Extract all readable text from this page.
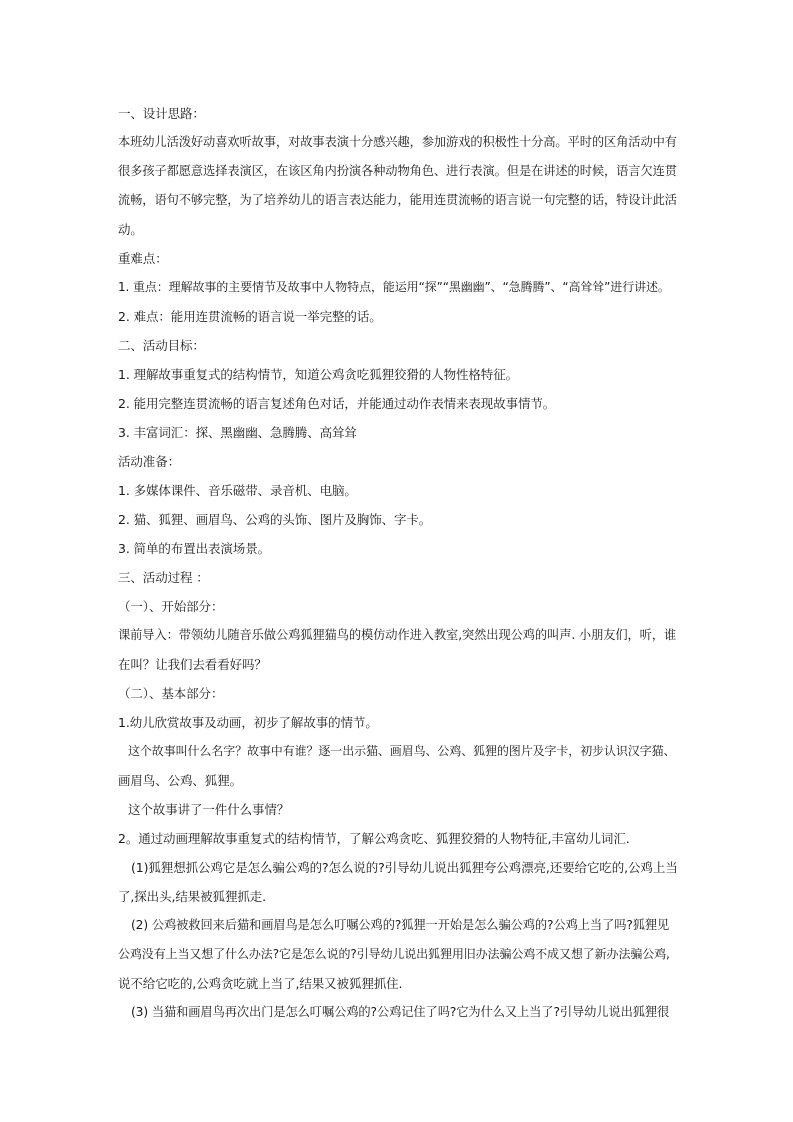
一、设计思路：
本班幼儿活泼好动喜欢听故事，对故事表演十分感兴趣，参加游戏的积极性十分高。平时的区角活动中有
很多孩子都愿意选择表演区，在该区角内扮演各种动物角色、进行表演。但是在讲述的时候，语言欠连贯
流畅，语句不够完整，为了培养幼儿的语言表达能力，能用连贯流畅的语言说一句完整的话，特设计此活
动。
重难点：
1. 重点：理解故事的主要情节及故事中人物特点，能运用“探”“黑幽幽”、“急腾腾”、“高耸耸”进行讲述。
2. 难点：能用连贯流畅的语言说一举完整的话。
二、活动目标：
1. 理解故事重复式的结构情节，知道公鸡贪吃狐狸狡猾的人物性格特征。
2. 能用完整连贯流畅的语言复述角色对话，并能通过动作表情来表现故事情节。
3. 丰富词汇：探、黑幽幽、急腾腾、高耸耸
活动准备：
1. 多媒体课件、音乐磁带、录音机、电脑。
2. 猫、狐狸、画眉鸟、公鸡的头饰、图片及胸饰、字卡。
3. 简单的布置出表演场景。
三、活动过程 ：
（一）、开始部分：
课前导入：带领幼儿随音乐做公鸡狐狸猫鸟的模仿动作进入教室,突然出现公鸡的叫声. 小朋友们，听，谁
在叫？让我们去看看好吗？
（二）、基本部分：
1.幼儿欣赏故事及动画，初步了解故事的情节。
这个故事叫什么名字？故事中有谁？逐一出示猫、画眉鸟、公鸡、狐狸的图片及字卡，初步认识汉字猫、
画眉鸟、公鸡、狐狸。
这个故事讲了一件什么事情？
2。通过动画理解故事重复式的结构情节，了解公鸡贪吃、狐狸狡猾的人物特征,丰富幼儿词汇.
(1)狐狸想抓公鸡它是怎么骗公鸡的?怎么说的?引导幼儿说出狐狸夸公鸡漂亮,还要给它吃的,公鸡上当
了,探出头,结果被狐狸抓走.
(2) 公鸡被救回来后猫和画眉鸟是怎么叮嘱公鸡的?狐狸一开始是怎么骗公鸡的?公鸡上当了吗?狐狸见
公鸡没有上当又想了什么办法?它是怎么说的?引导幼儿说出狐狸用旧办法骗公鸡不成又想了新办法骗公鸡,
说不给它吃的,公鸡贪吃就上当了,结果又被狐狸抓住.
(3) 当猫和画眉鸟再次出门是怎么叮嘱公鸡的?公鸡记住了吗?它为什么又上当了?引导幼儿说出狐狸很
